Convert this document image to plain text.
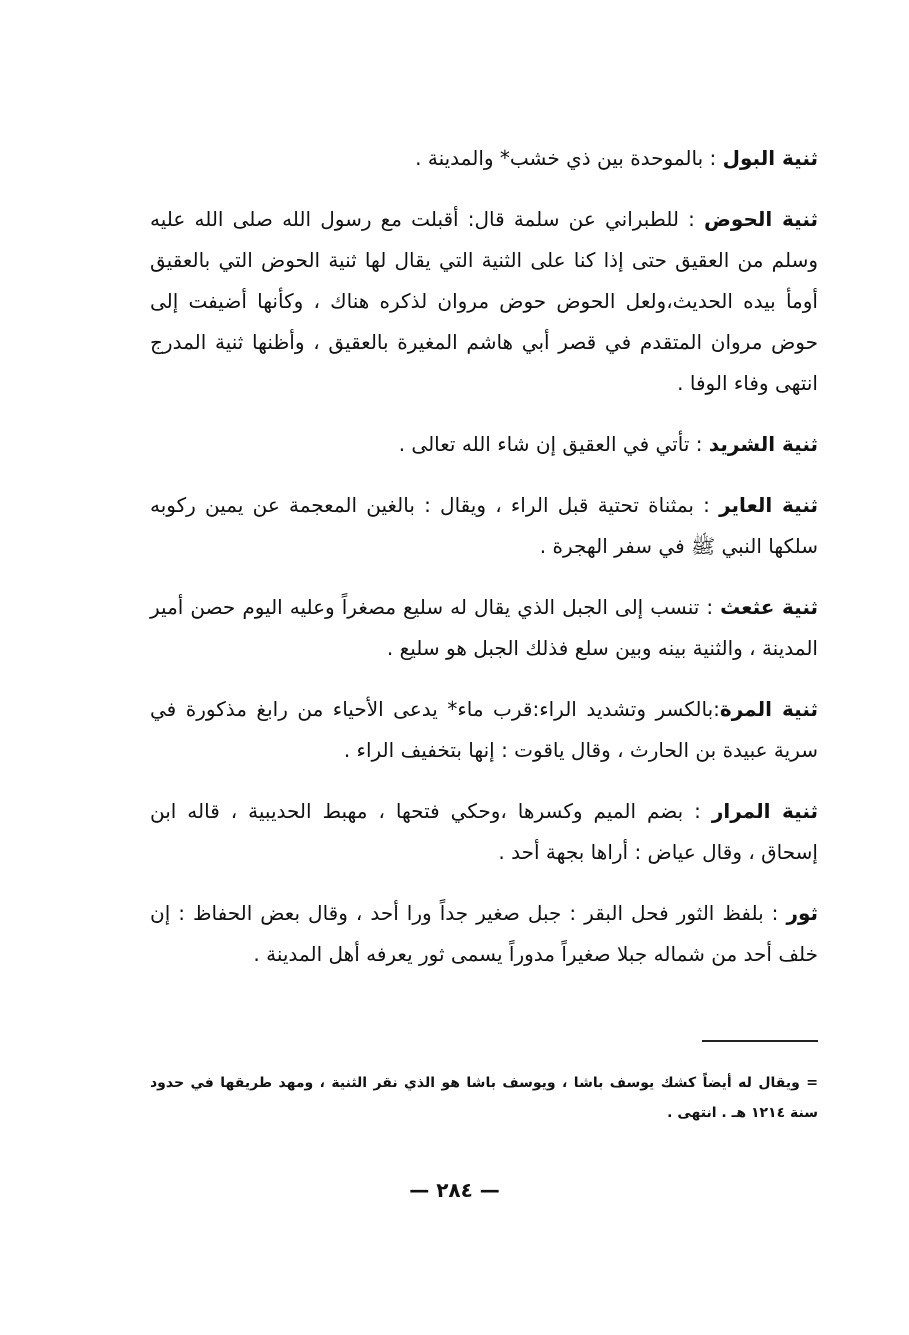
ثنية البول : بالموحدة بين ذي خشب* والمدينة .

ثنية الحوض : للطبراني عن سلمة قال: أقبلت مع رسول الله صلى الله عليه وسلم من العقيق حتى إذا كنا على الثنية التي يقال لها ثنية الحوض التي بالعقيق أومأ بيده الحديث،ولعل الحوض حوض مروان لذكره هناك ، وكأنها أضيفت إلى حوض مروان المتقدم في قصر أبي هاشم المغيرة بالعقيق ، وأظنها ثنية المدرج انتهى وفاء الوفا .

ثنية الشريد : تأتي في العقيق إن شاء الله تعالى .

ثنية العاير : بمثناة تحتية قبل الراء ، ويقال : بالغين المعجمة عن يمين ركوبه سلكها النبي ﷺ في سفر الهجرة .

ثنية عثعث : تنسب إلى الجبل الذي يقال له سليع مصغراً وعليه اليوم حصن أمير المدينة ، والثنية بينه وبين سلع فذلك الجبل هو سليع .

ثنية المرة:بالكسر وتشديد الراء:قرب ماء* يدعى الأحياء من رابغ مذكورة في سرية عبيدة بن الحارث ، وقال ياقوت : إنها بتخفيف الراء .

ثنية المرار : بضم الميم وكسرها ،وحكي فتحها ، مهبط الحديبية ، قاله ابن إسحاق ، وقال عياض : أراها بجهة أحد .

ثور : بلفظ الثور فحل البقر : جبل صغير جداً ورا أحد ، وقال بعض الحفاظ : إن خلف أحد من شماله جبلا صغيراً مدوراً يسمى ثور يعرفه أهل المدينة .

= ويقال له أيضاً كشك يوسف باشا ، ويوسف باشا هو الذي نقر الثنية ، ومهد طريقها في حدود سنة ١٢١٤ هـ . انتهى .
— ٢٨٤ —
